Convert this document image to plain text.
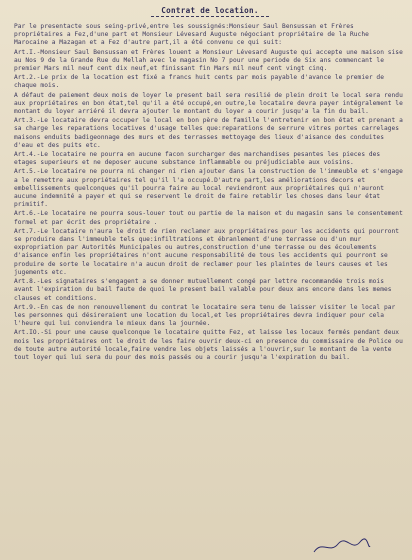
Contrat de location.

Par le presentacte sous seing-privé,entre les soussignés:Monsieur Saul Bensussan et Frères propriétaires a Fez,d'une part et Monsieur Lévesard Auguste négociant propriétaire de la Ruche Marocaine a Mazagan et a Fez d'autre part,il a été convenu ce qui suit:

Art.I.-Monsieur Saul Bensussan et Frères louent a Monsieur Lévesard Auguste qui accepte une maison sise au Nos 9 de la Grande Rue du Mellah avec le magasin No 7 pour une periode de Six ans commencant le premier Mars mil neuf cent dix neuf,et finissant fin Mars mil neuf cent vingt cinq.

Art.2.-Le prix de la location est fixé a francs huit cents par mois payable d'avance le premier de chaque mois.

A défaut de paiement deux mois de loyer le present bail sera resilié de plein droit le local sera rendu aux propriétaires en bon état,tel qu'il a été occupé,en outre,le locataire devra payer intégralement le montant du loyer arriéré il devra ajouter le montant du loyer a courir jusqu'a la fin du bail.

Art.3.-Le locataire devra occuper le local en bon père de famille l'entretenir en bon état et prenant a sa charge les reparations locatives d'usage telles que:reparations de serrure vitres portes carrelages maisons enduits badigeonnage des murs et des terrasses mettoyage des lieux d'aisance des conduites d'eau et des puits etc.

Art.4.-Le locataire ne pourra en aucune facon surcharger des marchandises pesantes les pieces des etages superieurs et ne deposer aucune substance inflammable ou préjudiciable aux voisins.

Art.5.-Le locataire ne pourra ni changer ni rien ajouter dans la construction de l'immeuble et s'engage a le remettre aux propriétaires tel qu'il l'a occupé.D'autre part,les améliorations decors et embellissements quelconques qu'il pourra faire au local reviendront aux propriétaires qui n'auront aucune indemnité a payer et qui se reservent le droit de faire retablir les choses dans leur état primitif.

Art.6.-Le locataire ne pourra sous-louer tout ou partie de la maison et du magasin sans le consentement formel et par écrit des propriétaire .

Art.7.-Le locataire n'aura le droit de rien reclamer aux propriétaires pour les accidents qui pourront se produire dans l'immeuble tels que:infiltrations et ébranlement d'une terrasse ou d'un mur expropriation par Autorités Municipales ou autres,construction d'une terrasse ou des écoulements d'aisance enfin les propriétaires n'ont aucune responsabilité de tous les accidents qui pourront se produire de sorte le locataire n'a aucun droit de reclamer pour les plaintes de leurs causes et les jugements etc.

Art.8.-Les signataires s'engagent a se donner mutuellement congé par lettre recommandée trois mois avant l'expiration du bail faute de quoi le present bail valable pour deux ans encore dans les memes clauses et conditions.

Art.9.-En cas de non renouvellement du contrat le locataire sera tenu de laisser visiter le local par les personnes qui désireraient une location du local,et les propriétaires devra indiquer pour cela l'heure qui lui conviendra le mieux dans la journée.

Art.IO.-Si pour une cause quelconque le locataire quitte Fez, et laisse les locaux fermés pendant deux mois les propriétaires ont le droit de les faire ouvrir deux-ci en presence du commissaire de Police ou de toute autre autorité locale,faire vendre les objets laissés a l'ouvrir,sur le montant de la vente tout loyer qui lui sera du pour des mois passés ou a courir jusqu'a l'expiration du bail.
